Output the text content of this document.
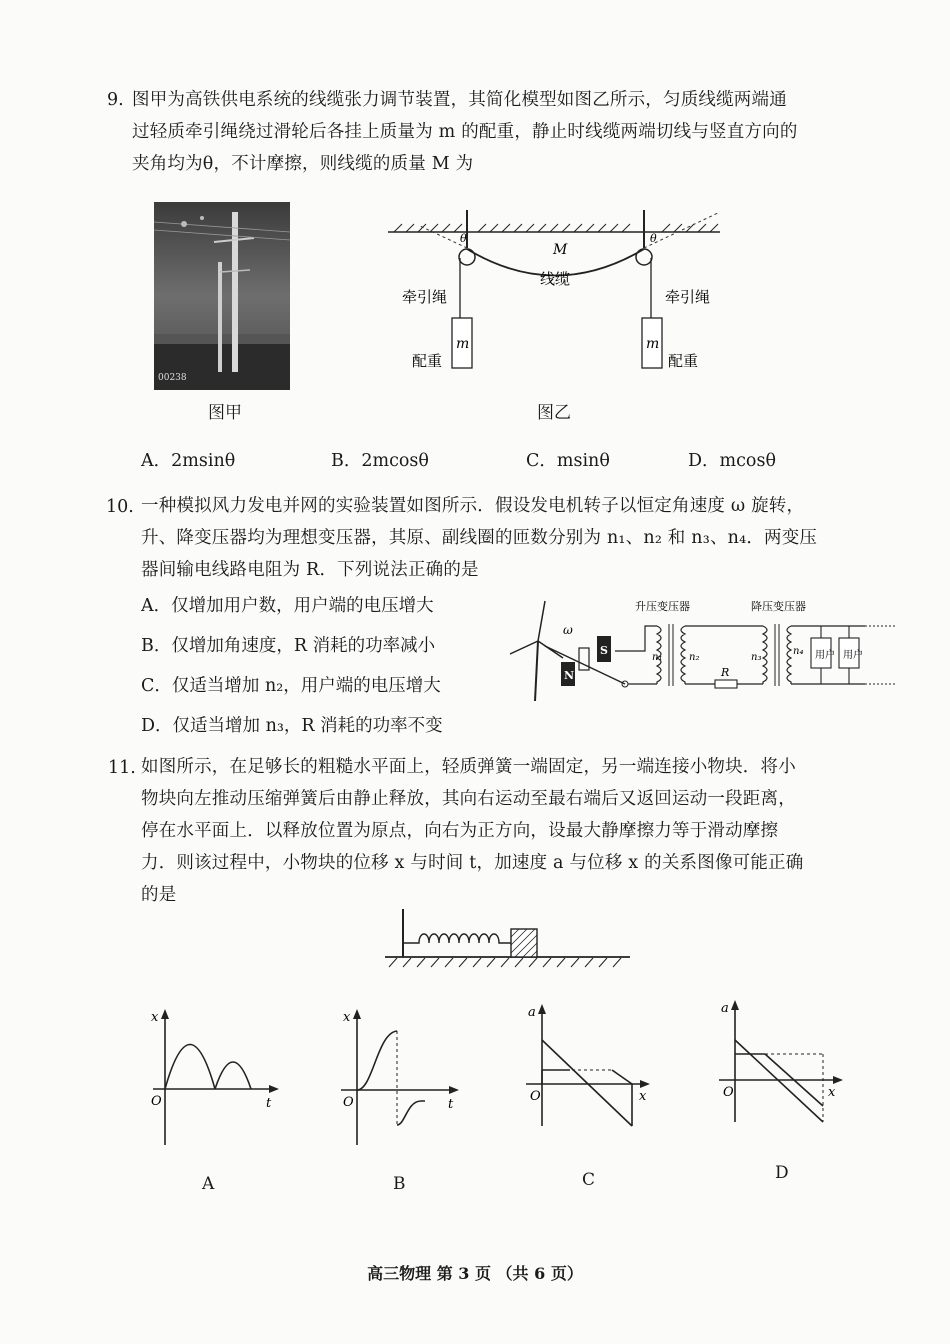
9. 图甲为高铁供电系统的线缆张力调节装置，其简化模型如图乙所示，匀质线缆两端通
过轻质牵引绳绕过滑轮后各挂上质量为 m 的配重，静止时线缆两端切线与竖直方向的
夹角均为θ，不计摩擦，则线缆的质量 M 为
00238
图甲
θ	θ
M
线缆
牵引绳	牵引绳
m	m
配重	配重
图乙
A．2msinθ	B．2mcosθ	C．msinθ	D．mcosθ
10. 一种模拟风力发电并网的实验装置如图所示．假设发电机转子以恒定角速度 ω 旋转，
升、降变压器均为理想变压器，其原、副线圈的匝数分别为 n₁、n₂ 和 n₃、n₄．两变压
器间输电线路电阻为 R．下列说法正确的是
A．仅增加用户数，用户端的电压增大
B．仅增加角速度，R 消耗的功率减小
C．仅适当增加 n₂，用户端的电压增大
D．仅适当增加 n₃，R 消耗的功率不变
ω
S
N
升压变压器	降压变压器
n₁	n₂
R
n₃
n₄ 用户 用户
11. 如图所示，在足够长的粗糙水平面上，轻质弹簧一端固定，另一端连接小物块．将小
物块向左推动压缩弹簧后由静止释放，其向右运动至最右端后又返回运动一段距离，
停在水平面上．以释放位置为原点，向右为正方向，设最大静摩擦力等于滑动摩擦
力．则该过程中，小物块的位移 x 与时间 t，加速度 a 与位移 x 的关系图像可能正确
的是
x
t
O
A
x
t
O
B
a
x
O
C
a
x
O
D
高三物理 第 3 页 （共 6 页）
